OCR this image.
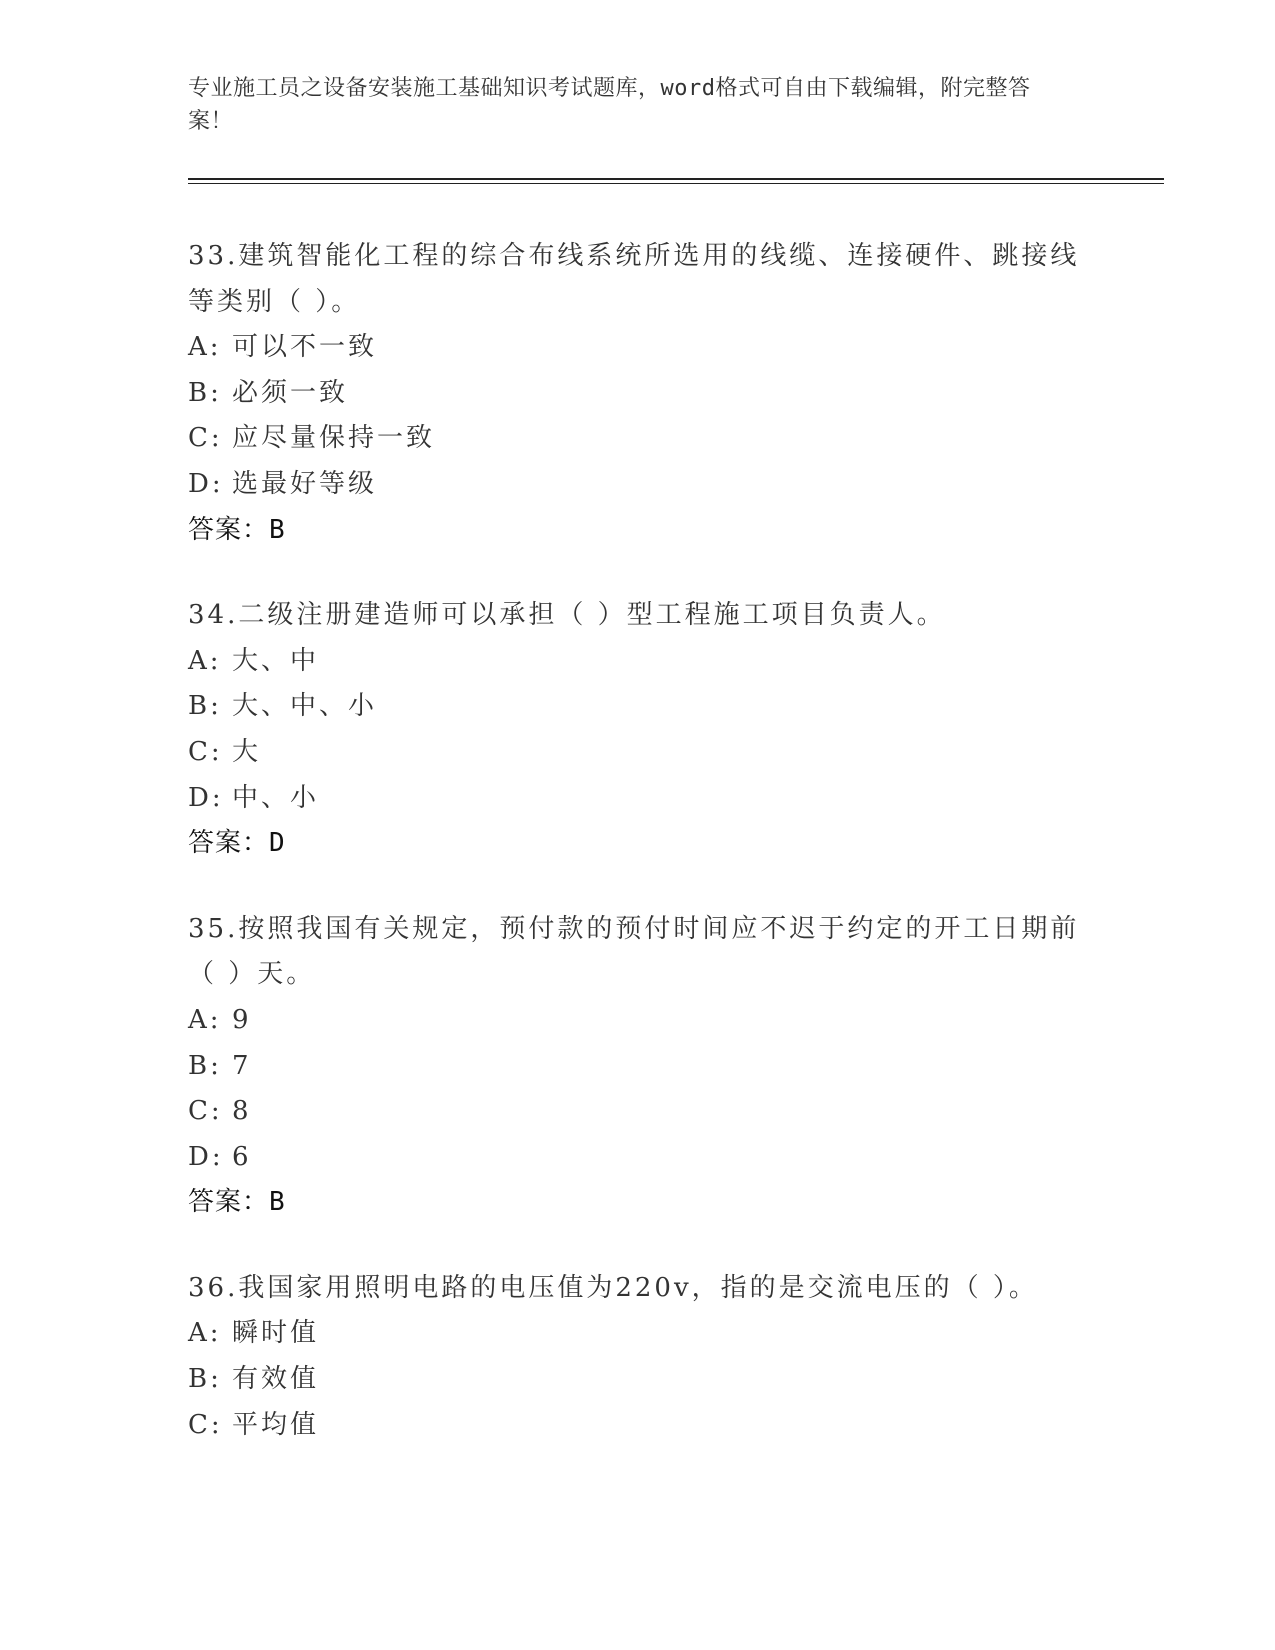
专业施工员之设备安装施工基础知识考试题库，word格式可自由下载编辑，附完整答案！
33.建筑智能化工程的综合布线系统所选用的线缆、连接硬件、跳接线等类别（ ）。
A: 可以不一致
B: 必须一致
C: 应尽量保持一致
D: 选最好等级
答案：B
34.二级注册建造师可以承担（ ）型工程施工项目负责人。
A: 大、中
B: 大、中、小
C: 大
D: 中、小
答案：D
35.按照我国有关规定，预付款的预付时间应不迟于约定的开工日期前（ ）天。
A: 9
B: 7
C: 8
D: 6
答案：B
36.我国家用照明电路的电压值为220v，指的是交流电压的（ ）。
A: 瞬时值
B: 有效值
C: 平均值
